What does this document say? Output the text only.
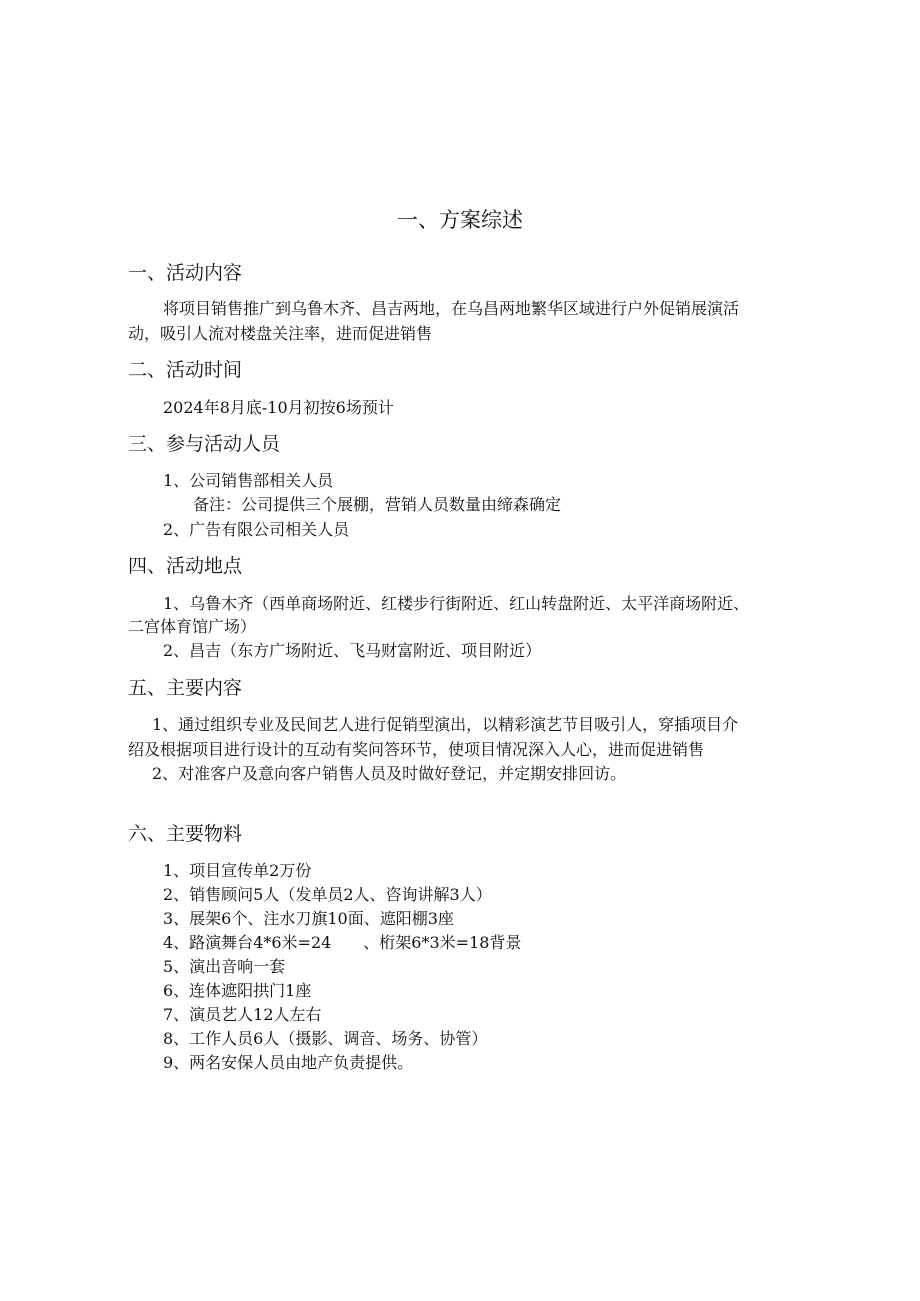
一、方案综述
一、活动内容
将项目销售推广到乌鲁木齐、昌吉两地，在乌昌两地繁华区域进行户外促销展演活
动，吸引人流对楼盘关注率，进而促进销售
二、活动时间
2024年8月底-10月初按6场预计
三、参与活动人员
1、公司销售部相关人员
备注：公司提供三个展棚，营销人员数量由缔森确定
2、广告有限公司相关人员
四、活动地点
1、乌鲁木齐（西单商场附近、红楼步行街附近、红山转盘附近、太平洋商场附近、
二宫体育馆广场）
2、昌吉（东方广场附近、飞马财富附近、项目附近）
五、主要内容
1、通过组织专业及民间艺人进行促销型演出，以精彩演艺节目吸引人，穿插项目介
绍及根据项目进行设计的互动有奖问答环节，使项目情况深入人心，进而促进销售
2、对准客户及意向客户销售人员及时做好登记，并定期安排回访。
六、主要物料
1、项目宣传单2万份
2、销售顾问5人（发单员2人、咨询讲解3人）
3、展架6个、注水刀旗10面、遮阳棚3座
4、路演舞台4*6米=24　　、桁架6*3米=18背景
5、演出音响一套
6、连体遮阳拱门1座
7、演员艺人12人左右
8、工作人员6人（摄影、调音、场务、协管）
9、两名安保人员由地产负责提供。
